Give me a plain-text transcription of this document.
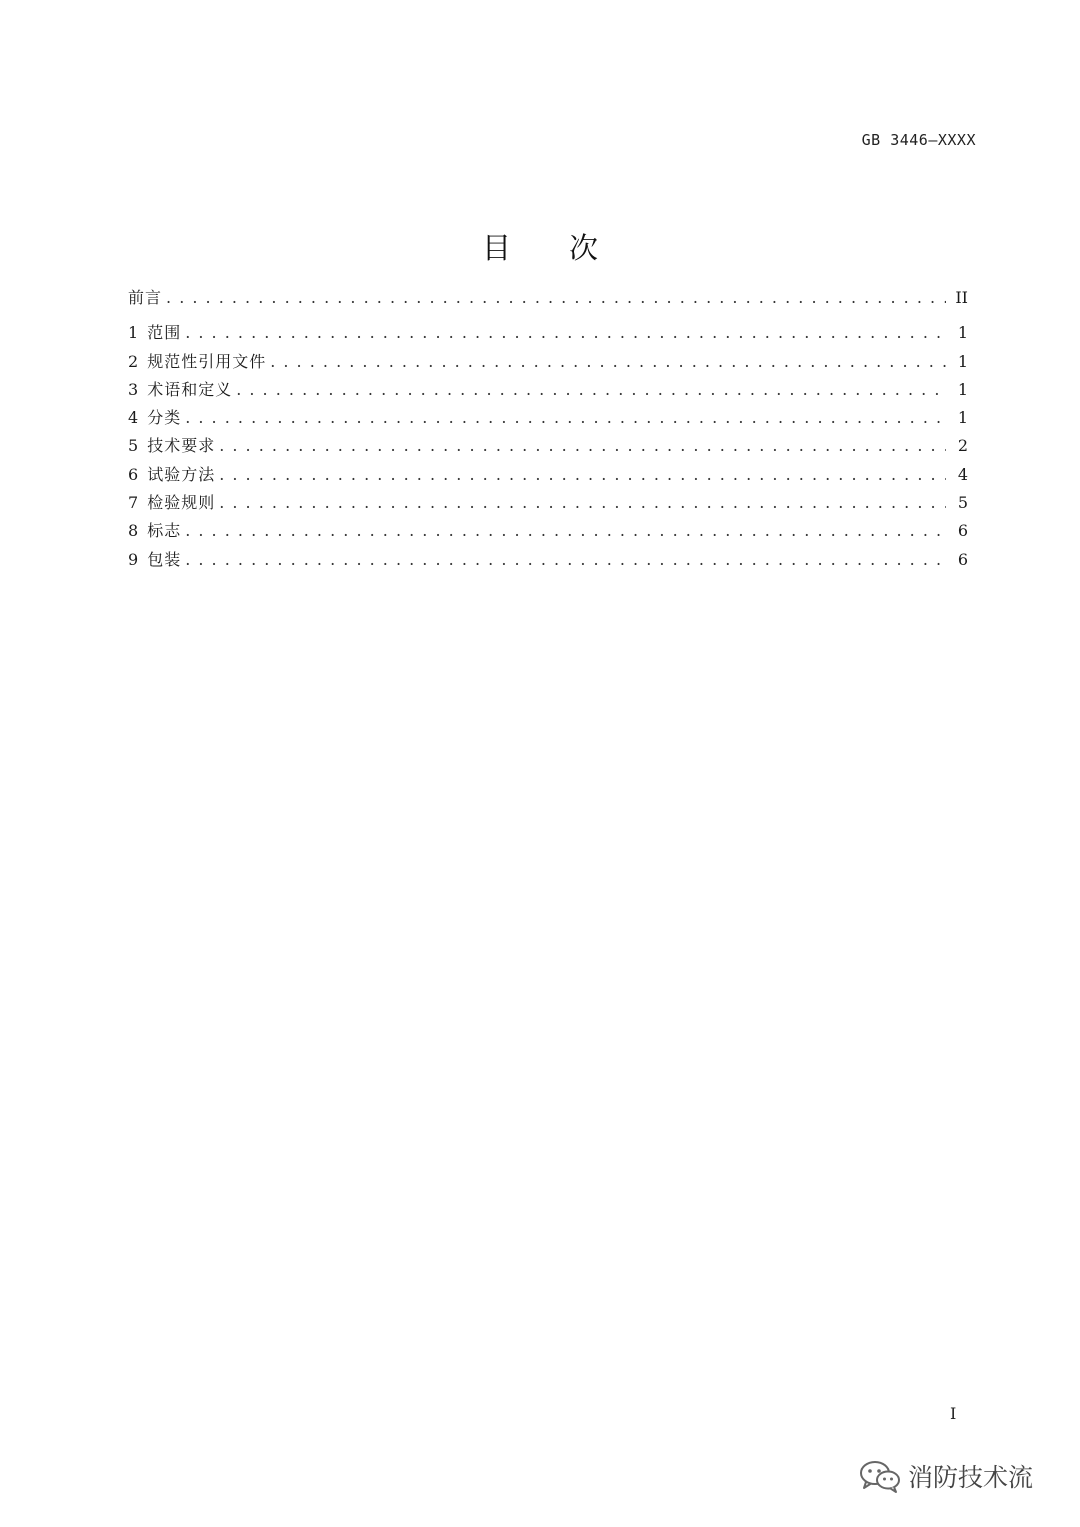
GB 3446—XXXX
目 次
前言 . . .	II
1 范围 . . .	1
2 规范性引用文件 . . .	1
3 术语和定义 . . .	1
4 分类 . . .	1
5 技术要求 . . .	2
6 试验方法 . . .	4
7 检验规则 . . .	5
8 标志 . . .	6
9 包装 . . .	6
I
消防技术流
